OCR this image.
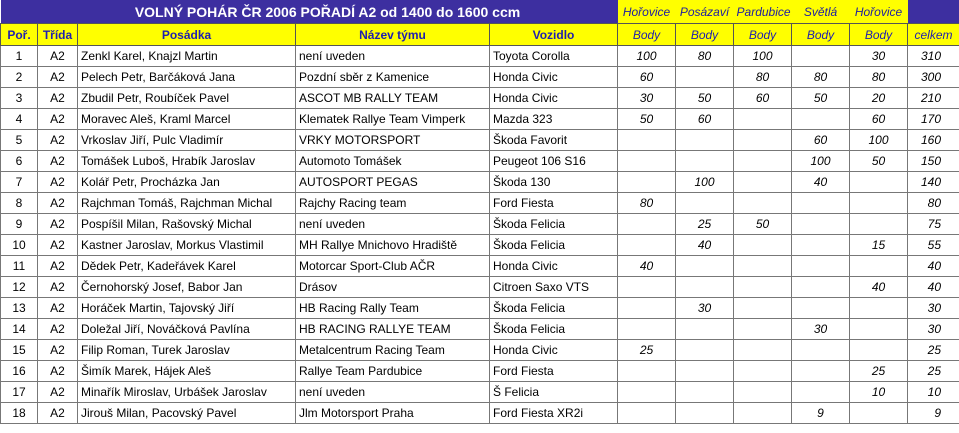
	VOLNÝ POHÁR ČR 2006 POŘADÍ A2 od 1400 do 1600 ccm				Hořovice	Posázaví	Pardubice	Světlá	Hořovice	
Poř.	Třída	Posádka	Název týmu	Vozidlo	Body	Body	Body	Body	Body	celkem
1	A2	Zenkl Karel, Knajzl Martin	není uveden	Toyota Corolla	100	80	100		30	310
2	A2	Pelech Petr, Barčáková Jana	Pozdní sběr z Kamenice	Honda Civic	60		80	80	80	300
3	A2	Zbudil Petr, Roubíček Pavel	ASCOT MB RALLY TEAM	Honda Civic	30	50	60	50	20	210
4	A2	Moravec Aleš, Kraml Marcel	Klematek Rallye Team Vimperk	Mazda 323	50	60			60	170
5	A2	Vrkoslav Jiří, Pulc Vladimír	VRKY MOTORSPORT	Škoda Favorit				60	100	160
6	A2	Tomášek Luboš, Hrabík Jaroslav	Automoto Tomášek	Peugeot 106 S16				100	50	150
7	A2	Kolář Petr, Procházka Jan	AUTOSPORT PEGAS	Škoda 130		100		40		140
8	A2	Rajchman Tomáš, Rajchman Michal	Rajchy Racing team	Ford Fiesta	80					80
9	A2	Pospíšil Milan, Rašovský Michal	není uveden	Škoda Felicia		25	50			75
10	A2	Kastner Jaroslav, Morkus Vlastimil	MH Rallye Mnichovo Hradiště	Škoda Felicia		40			15	55
11	A2	Dědek Petr, Kadeřávek Karel	Motorcar Sport-Club AČR	Honda Civic	40					40
12	A2	Černohorský Josef, Babor Jan	Drásov	Citroen Saxo VTS					40	40
13	A2	Horáček Martin, Tajovský Jiří	HB Racing Rally Team	Škoda Felicia		30				30
14	A2	Doležal Jiří, Nováčková Pavlína	HB RACING RALLYE TEAM	Škoda Felicia				30		30
15	A2	Filip Roman, Turek Jaroslav	Metalcentrum Racing Team	Honda Civic	25					25
16	A2	Šimík Marek, Hájek Aleš	Rallye Team Pardubice	Ford Fiesta					25	25
17	A2	Minařík Miroslav, Urbášek Jaroslav	není uveden	Š Felicia					10	10
18	A2	Jirouš Milan, Pacovský Pavel	Jlm Motorsport Praha	Ford Fiesta XR2i				9		9
